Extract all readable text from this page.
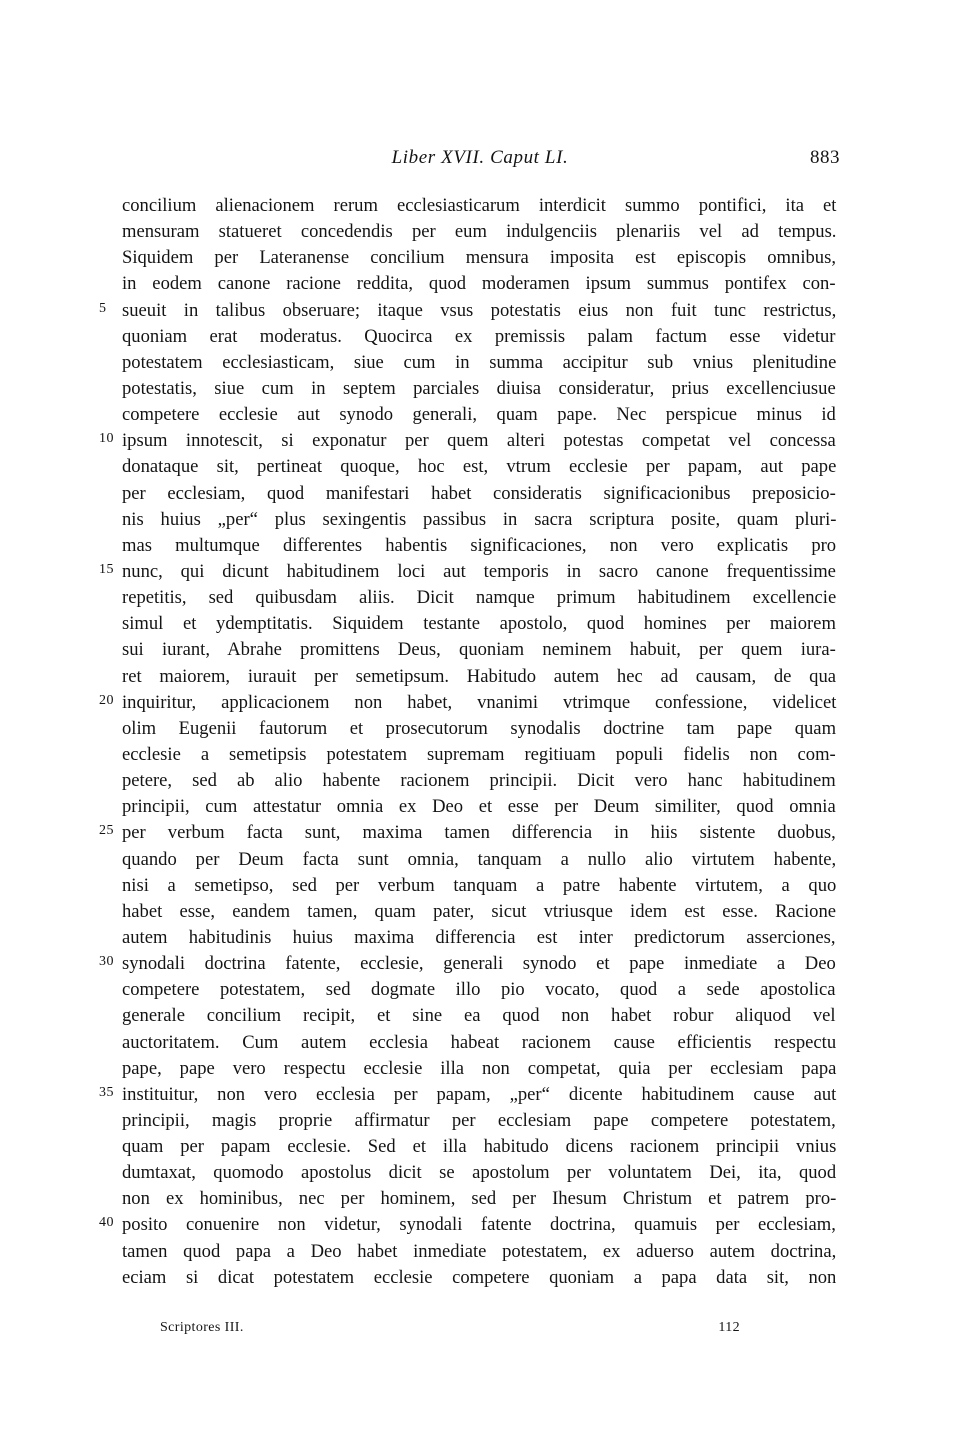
Liber XVII. Caput LI.	883
concilium alienacionem rerum ecclesiasticarum interdicit summo pontifici, ita et
mensuram statueret concedendis per eum indulgenciis plenariis vel ad tempus.
Siquidem per Lateranense concilium mensura imposita est episcopis omnibus,
in eodem canone racione reddita, quod moderamen ipsum summus pontifex con-
5 sueuit in talibus obseruare; itaque vsus potestatis eius non fuit tunc restrictus,
quoniam erat moderatus. Quocirca ex premissis palam factum esse videtur
potestatem ecclesiasticam, siue cum in summa accipitur sub vnius plenitudine
potestatis, siue cum in septem parciales diuisa consideratur, prius excellenciusue
competere ecclesie aut synodo generali, quam pape. Nec perspicue minus id
10 ipsum innotescit, si exponatur per quem alteri potestas competat vel concessa
donataque sit, pertineat quoque, hoc est, vtrum ecclesie per papam, aut pape
per ecclesiam, quod manifestari habet consideratis significacionibus preposicio-
nis huius „per“ plus sexingentis passibus in sacra scriptura posite, quam pluri-
mas multumque differentes habentis significaciones, non vero explicatis pro
15 nunc, qui dicunt habitudinem loci aut temporis in sacro canone frequentissime
repetitis, sed quibusdam aliis. Dicit namque primum habitudinem excellencie
simul et ydemptitatis. Siquidem testante apostolo, quod homines per maiorem
sui iurant, Abrahe promittens Deus, quoniam neminem habuit, per quem iura-
ret maiorem, iurauit per semetipsum. Habitudo autem hec ad causam, de qua
20 inquiritur, applicacionem non habet, vnanimi vtrimque confessione, videlicet
olim Eugenii fautorum et prosecutorum synodalis doctrine tam pape quam
ecclesie a semetipsis potestatem supremam regitiuam populi fidelis non com-
petere, sed ab alio habente racionem principii. Dicit vero hanc habitudinem
principii, cum attestatur omnia ex Deo et esse per Deum similiter, quod omnia
25 per verbum facta sunt, maxima tamen differencia in hiis sistente duobus,
quando per Deum facta sunt omnia, tanquam a nullo alio virtutem habente,
nisi a semetipso, sed per verbum tanquam a patre habente virtutem, a quo
habet esse, eandem tamen, quam pater, sicut vtriusque idem est esse. Racione
autem habitudinis huius maxima differencia est inter predictorum asserciones,
30 synodali doctrina fatente, ecclesie, generali synodo et pape inmediate a Deo
competere potestatem, sed dogmate illo pio vocato, quod a sede apostolica
generale concilium recipit, et sine ea quod non habet robur aliquod vel
auctoritatem. Cum autem ecclesia habeat racionem cause efficientis respectu
pape, pape vero respectu ecclesie illa non competat, quia per ecclesiam papa
35 instituitur, non vero ecclesia per papam, „per“ dicente habitudinem cause aut
principii, magis proprie affirmatur per ecclesiam pape competere potestatem,
quam per papam ecclesie. Sed et illa habitudo dicens racionem principii vnius
dumtaxat, quomodo apostolus dicit se apostolum per voluntatem Dei, ita, quod
non ex hominibus, nec per hominem, sed per Ihesum Christum et patrem pro-
40 posito conuenire non videtur, synodali fatente doctrina, quamuis per ecclesiam,
tamen quod papa a Deo habet inmediate potestatem, ex aduerso autem doctrina,
eciam si dicat potestatem ecclesie competere quoniam a papa data sit, non
Scriptores III.	112
